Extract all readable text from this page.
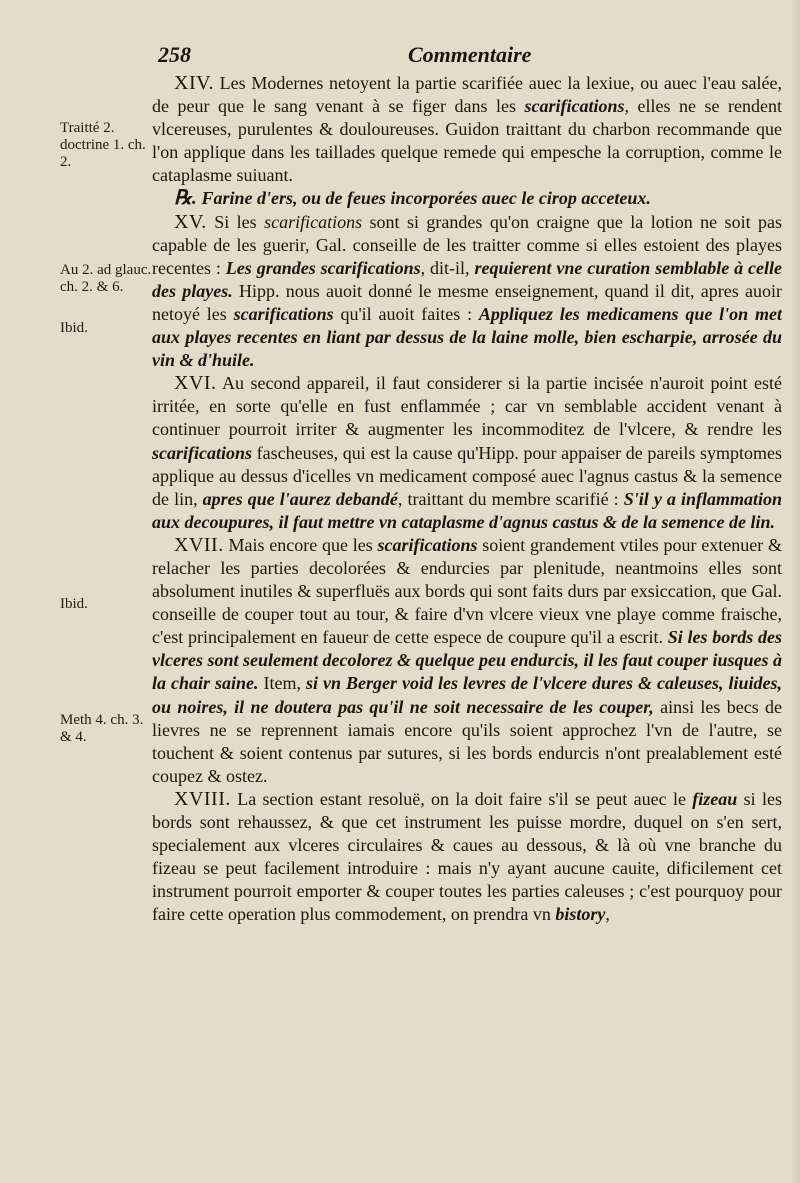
258	Commentaire
Traitté 2. doctrine 1. ch. 2.
Au 2. ad glauc. ch. 2. & 6.
Ibid.
Ibid.
Meth 4. ch. 3. & 4.

XIV. Les Modernes netoyent la partie scarifiée auec la lexiue, ou auec l'eau salée, de peur que le sang venant à se figer dans les scarifications, elles ne se rendent vlcereuses, purulentes & douloureuses. Guidon traittant du charbon recommande que l'on applique dans les taillades quelque remede qui empesche la corruption, comme le cataplasme suiuant.

℞. Farine d'ers, ou de feues incorporées auec le cirop acceteux.

XV. Si les scarifications sont si grandes qu'on craigne que la lotion ne soit pas capable de les guerir, Gal. conseille de les traitter comme si elles estoient des playes recentes : Les grandes scarifications, dit-il, requierent vne curation semblable à celle des playes. Hipp. nous auoit donné le mesme enseignement, quand il dit, apres auoir netoyé les scarifications qu'il auoit faites : Appliquez les medicamens que l'on met aux playes recentes en liant par dessus de la laine molle, bien escharpie, arrosée du vin & d'huile.

XVI. Au second appareil, il faut considerer si la partie incisée n'auroit point esté irritée, en sorte qu'elle en fust enflammée ; car vn semblable accident venant à continuer pourroit irriter & augmenter les incommoditez de l'vlcere, & rendre les scarifications fascheuses, qui est la cause qu'Hipp. pour appaiser de pareils symptomes applique au dessus d'icelles vn medicament composé auec l'agnus castus & la semence de lin, apres que l'aurez debandé, traittant du membre scarifié : S'il y a inflammation aux decoupures, il faut mettre vn cataplasme d'agnus castus & de la semence de lin.

XVII. Mais encore que les scarifications soient grandement vtiles pour extenuer & relacher les parties decolorées & endurcies par plenitude, neantmoins elles sont absolument inutiles & superfluës aux bords qui sont faits durs par exsiccation, que Gal. conseille de couper tout au tour, & faire d'vn vlcere vieux vne playe comme fraische, c'est principalement en faueur de cette espece de coupure qu'il a escrit. Si les bords des vlceres sont seulement decolorez & quelque peu endurcis, il les faut couper iusques à la chair saine. Item, si vn Berger void les levres de l'vlcere dures & caleuses, liuides, ou noires, il ne doutera pas qu'il ne soit necessaire de les couper, ainsi les becs de lievres ne se reprennent iamais encore qu'ils soient approchez l'vn de l'autre, se touchent & soient contenus par sutures, si les bords endurcis n'ont prealablement esté coupez & ostez.

XVIII. La section estant resoluë, on la doit faire s'il se peut auec le fizeau si les bords sont rehaussez, & que cet instrument les puisse mordre, duquel on s'en sert, specialement aux vlceres circulaires & caues au dessous, & là où vne branche du fizeau se peut facilement introduire : mais n'y ayant aucune cauite, dificilement cet instrument pourroit emporter & couper toutes les parties caleuses ; c'est pourquoy pour faire cette operation plus commodement, on prendra vn bistory,
